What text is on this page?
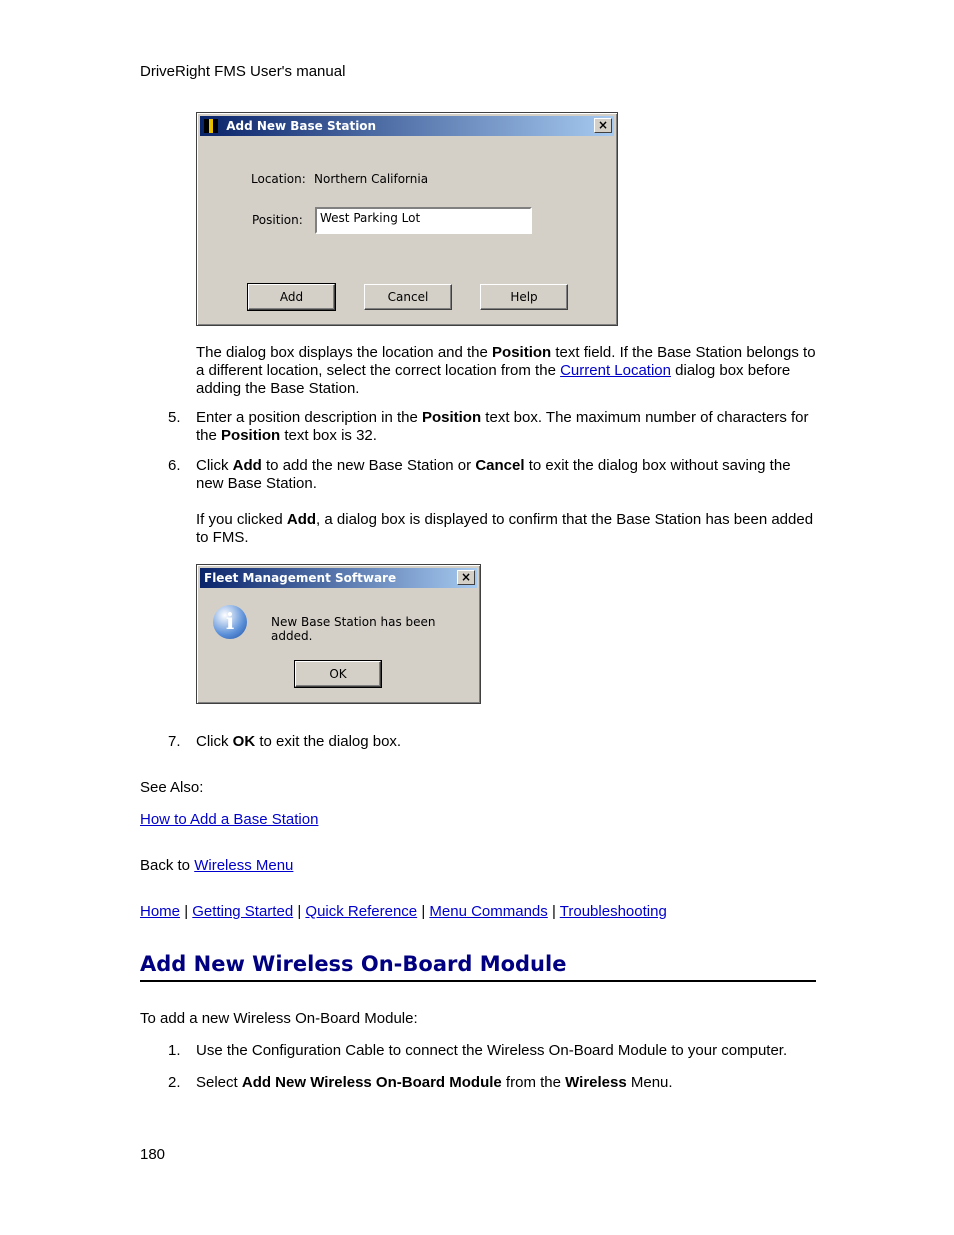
DriveRight FMS User's manual
Add New Base Station	×
Location: Northern California
Position:	West Parking Lot
Add	Cancel	Help
The dialog box displays the location and the Position text field. If the Base Station belongs to a different location, select the correct location from the Current Location dialog box before adding the Base Station.
5. Enter a position description in the Position text box. The maximum number of characters for the Position text box is 32.
6. Click Add to add the new Base Station or Cancel to exit the dialog box without saving the new Base Station.
If you clicked Add, a dialog box is displayed to confirm that the Base Station has been added to FMS.
Fleet Management Software	×
i	New Base Station has been added.
OK
7. Click OK to exit the dialog box.
See Also:
How to Add a Base Station
Back to Wireless Menu
Home | Getting Started | Quick Reference | Menu Commands | Troubleshooting
Add New Wireless On-Board Module
To add a new Wireless On-Board Module:
1. Use the Configuration Cable to connect the Wireless On-Board Module to your computer.
2. Select Add New Wireless On-Board Module from the Wireless Menu.
180
